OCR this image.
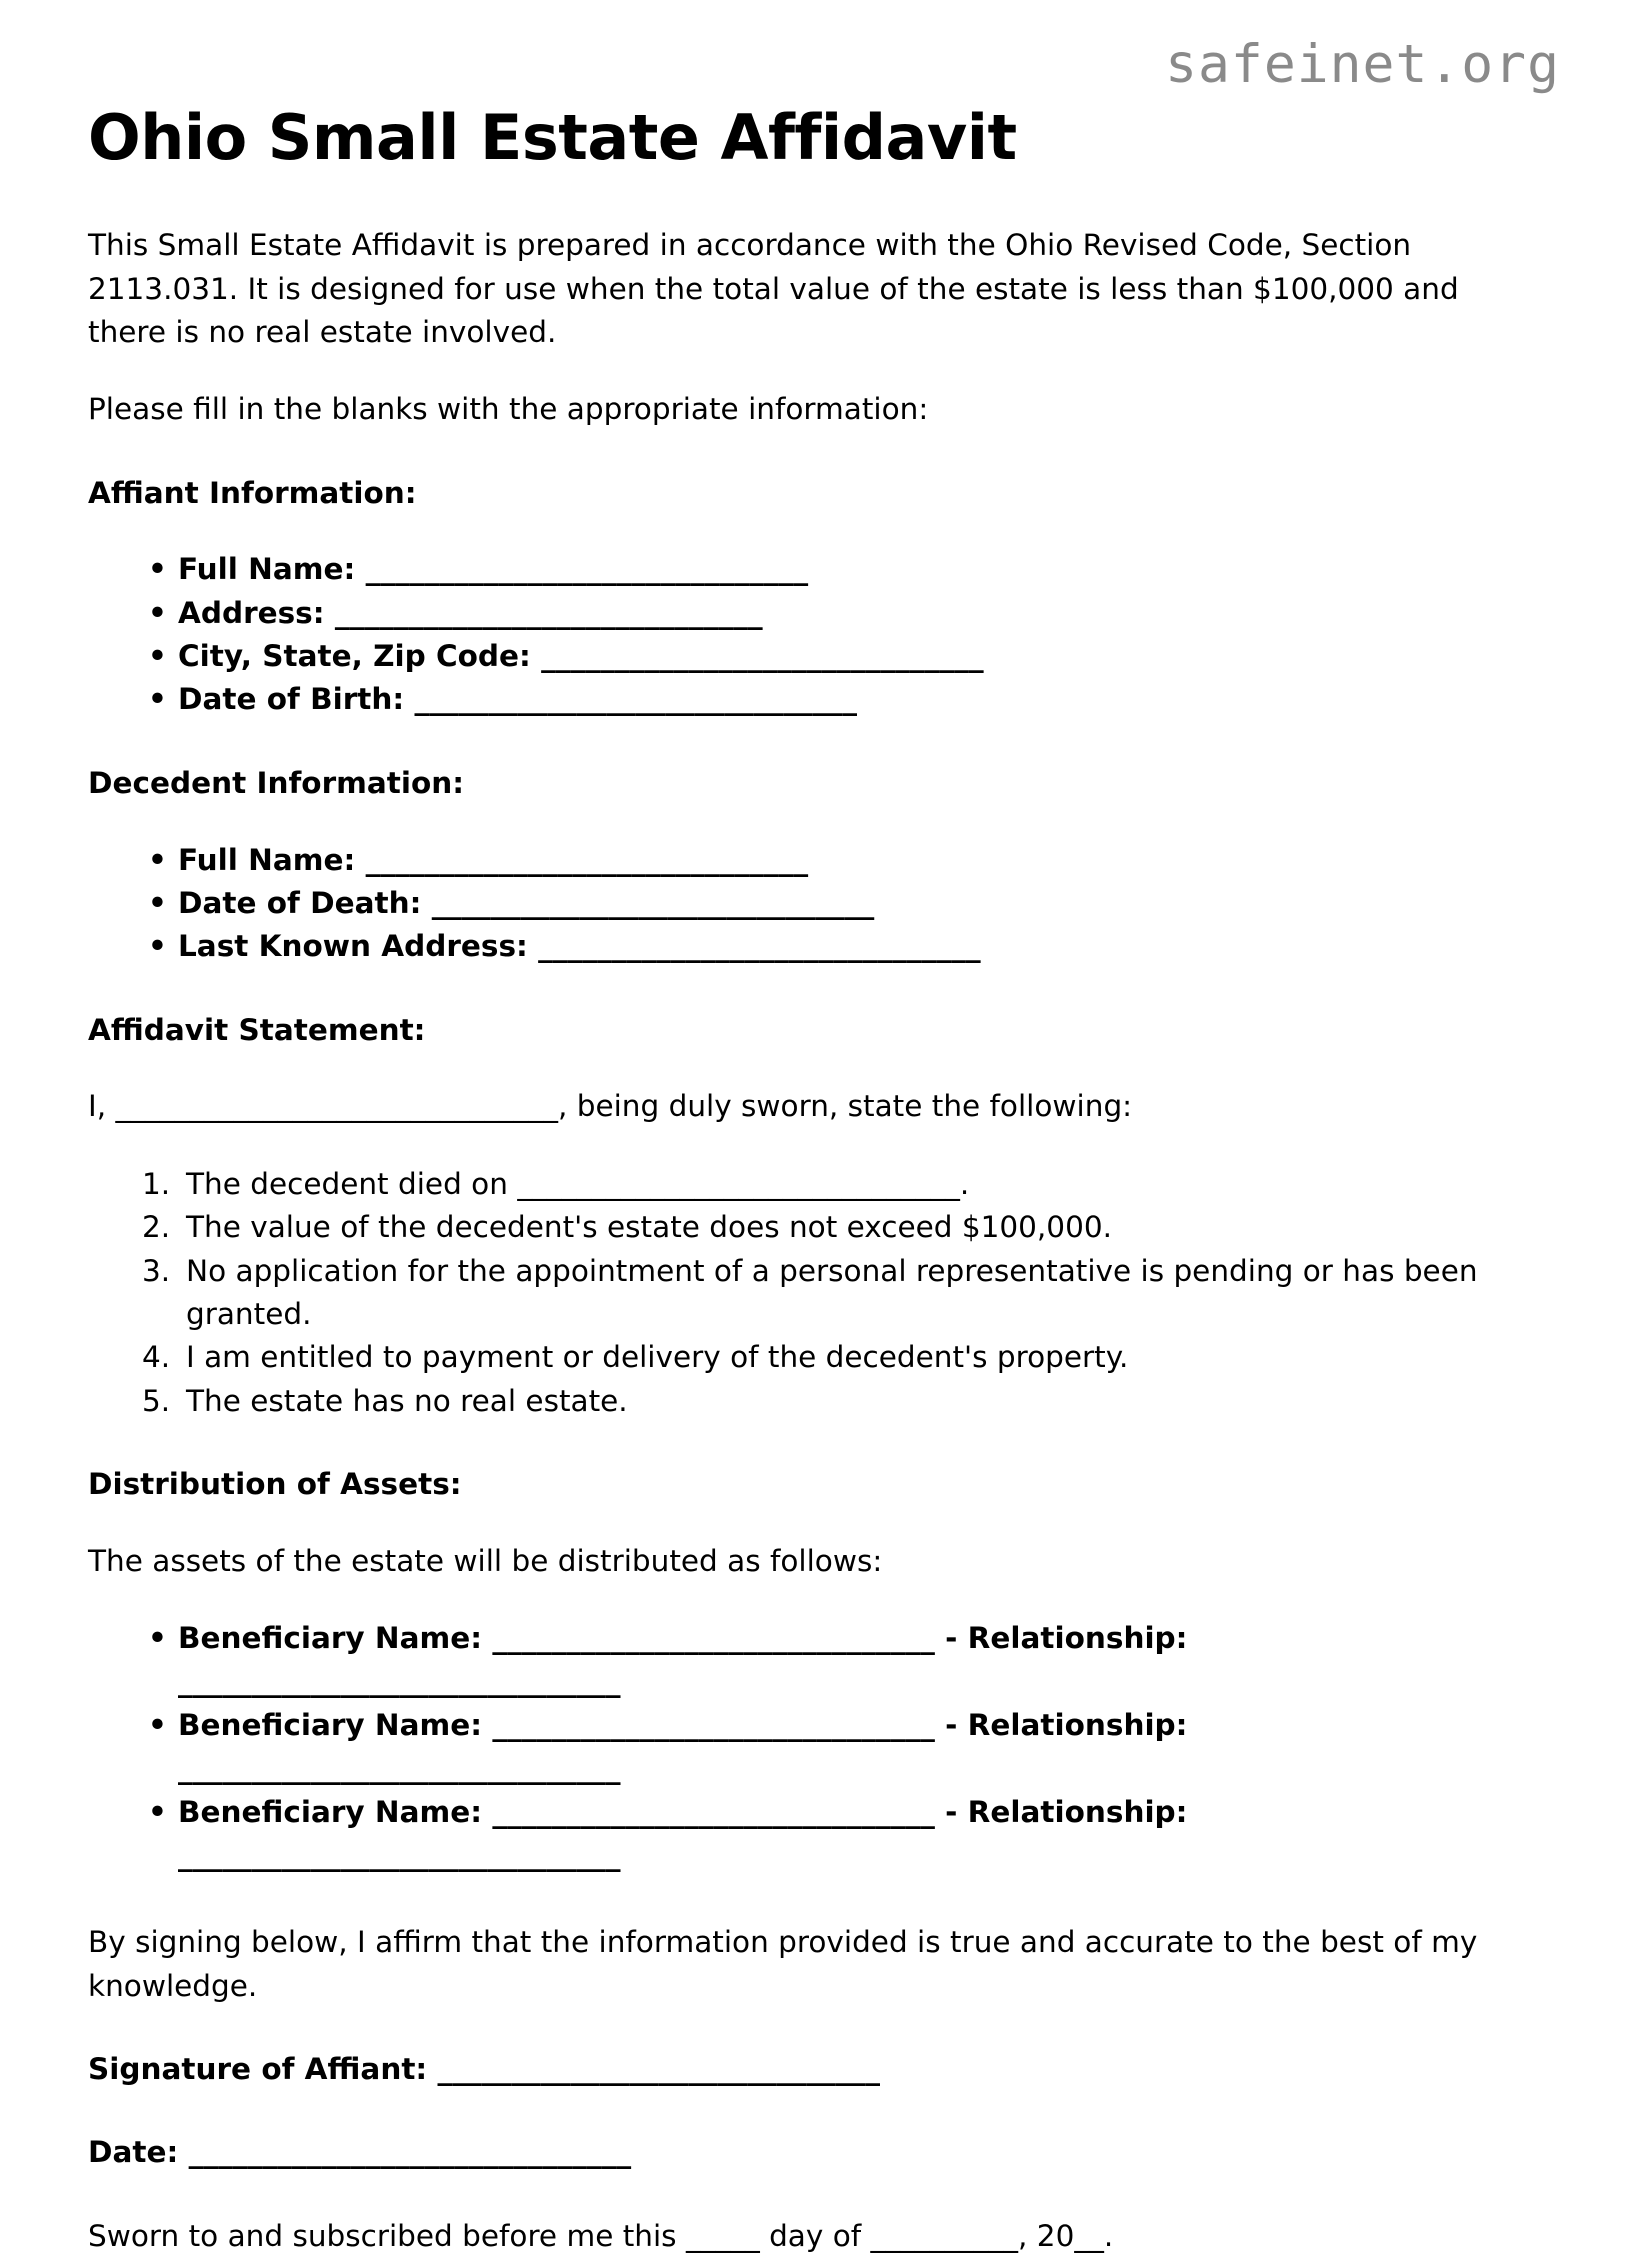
safeinet.org
Ohio Small Estate Affidavit

This Small Estate Affidavit is prepared in accordance with the Ohio Revised Code, Section 2113.031. It is designed for use when the total value of the estate is less than $100,000 and there is no real estate involved.

Please fill in the blanks with the appropriate information:

Affiant Information:
• Full Name: ______________________________
• Address: _____________________________
• City, State, Zip Code: ______________________________
• Date of Birth: ______________________________
Decedent Information:
• Full Name: ______________________________
• Date of Death: ______________________________
• Last Known Address: ______________________________
Affidavit Statement:

I, ______________________________, being duly sworn, state the following:

The decedent died on ______________________________.
The value of the decedent's estate does not exceed $100,000.
No application for the appointment of a personal representative is pending or has been granted.
I am entitled to payment or delivery of the decedent's property.
The estate has no real estate.
Distribution of Assets:

The assets of the estate will be distributed as follows:

• Beneficiary Name: ______________________________ - Relationship: ______________________________
• Beneficiary Name: ______________________________ - Relationship: ______________________________
• Beneficiary Name: ______________________________ - Relationship: ______________________________

By signing below, I affirm that the information provided is true and accurate to the best of my knowledge.

Signature of Affiant: ______________________________
Date: ______________________________

Sworn to and subscribed before me this _____ day of __________, 20__.
